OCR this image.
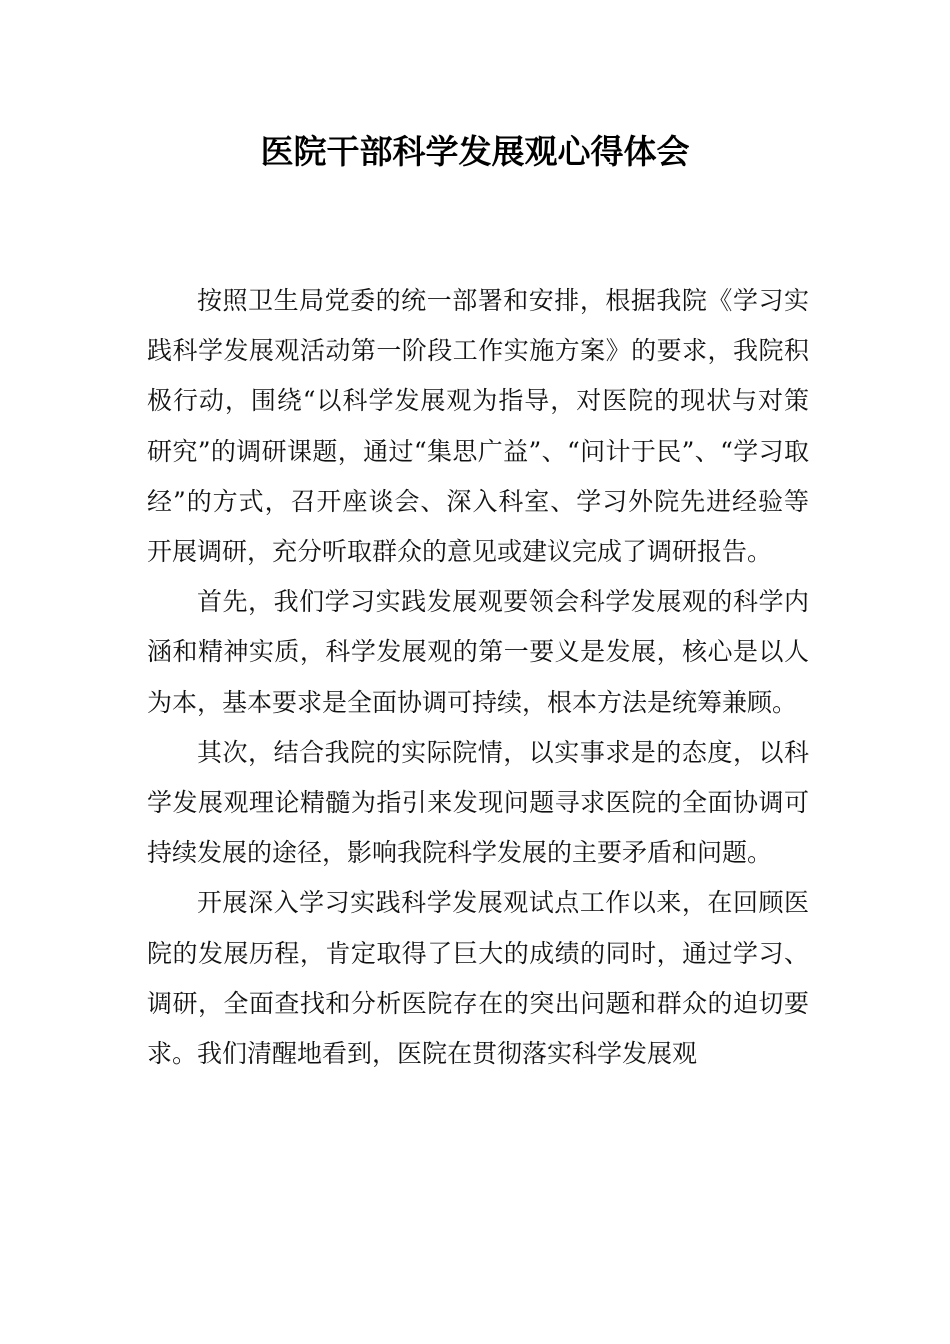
医院干部科学发展观心得体会

按照卫生局党委的统一部署和安排，根据我院《学习实践科学发展观活动第一阶段工作实施方案》的要求，我院积极行动，围绕“以科学发展观为指导，对医院的现状与对策研究”的调研课题，通过“集思广益”、“问计于民”、“学习取经”的方式，召开座谈会、深入科室、学习外院先进经验等开展调研，充分听取群众的意见或建议完成了调研报告。

首先，我们学习实践发展观要领会科学发展观的科学内涵和精神实质，科学发展观的第一要义是发展，核心是以人为本，基本要求是全面协调可持续，根本方法是统筹兼顾。

其次，结合我院的实际院情，以实事求是的态度，以科学发展观理论精髓为指引来发现问题寻求医院的全面协调可持续发展的途径，影响我院科学发展的主要矛盾和问题。

开展深入学习实践科学发展观试点工作以来，在回顾医院的发展历程，肯定取得了巨大的成绩的同时，通过学习、调研，全面查找和分析医院存在的突出问题和群众的迫切要求。我们清醒地看到，医院在贯彻落实科学发展观
